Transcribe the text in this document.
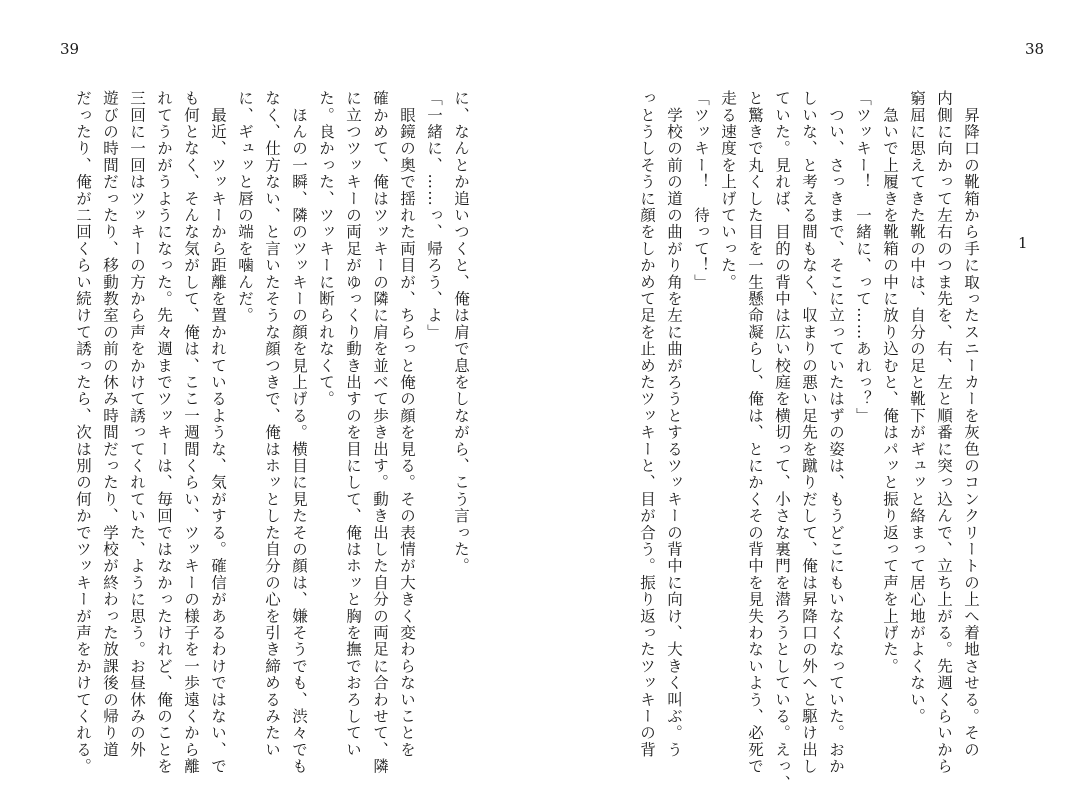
39	38
1
　昇降口の靴箱から手に取ったスニーカーを灰色のコンクリートの上へ着地させる。その
内側に向かって左右のつま先を、右、左と順番に突っ込んで、立ち上がる。先週くらいから
窮屈に思えてきた靴の中は、自分の足と靴下がギュッと絡まって居心地がよくない。
　急いで上履きを靴箱の中に放り込むと、俺はパッと振り返って声を上げた。
「ツッキー！　一緒に、って……あれっ？」
　つい、さっきまで、そこに立っていたはずの姿は、もうどこにもいなくなっていた。おか
しいな、と考える間もなく、収まりの悪い足先を蹴りだして、俺は昇降口の外へと駆け出し
ていた。見れば、目的の背中は広い校庭を横切って、小さな裏門を潜ろうとしている。えっ、
と驚きで丸くした目を一生懸命凝らし、俺は、とにかくその背中を見失わないよう、必死で
走る速度を上げていった。
「ツッキー！　待って！」
　学校の前の道の曲がり角を左に曲がろうとするツッキーの背中に向け、大きく叫ぶ。う
っとうしそうに顔をしかめて足を止めたツッキーと、目が合う。振り返ったツッキーの背
に、なんとか追いつくと、俺は肩で息をしながら、こう言った。
「一緒に、……っ、帰ろう、よ」
　眼鏡の奥で揺れた両目が、ちらっと俺の顔を見る。その表情が大きく変わらないことを
確かめて、俺はツッキーの隣に肩を並べて歩き出す。動き出した自分の両足に合わせて、隣
に立つツッキーの両足がゆっくり動き出すのを目にして、俺はホッと胸を撫でおろしてい
た。良かった、ツッキーに断られなくて。
　ほんの一瞬、隣のツッキーの顔を見上げる。横目に見たその顔は、嫌そうでも、渋々でも
なく、仕方ない、と言いたそうな顔つきで、俺はホッとした自分の心を引き締めるみたい
に、ギュッと唇の端を噛んだ。
　最近、ツッキーから距離を置かれているような、気がする。確信があるわけではない、で
も何となく、そんな気がして、俺は、ここ一週間くらい、ツッキーの様子を一歩遠くから離
れてうかがうようになった。先々週までツッキーは、毎回ではなかったけれど、俺のことを
三回に一回はツッキーの方から声をかけて誘ってくれていた、ように思う。お昼休みの外
遊びの時間だったり、移動教室の前の休み時間だったり、学校が終わった放課後の帰り道
だったり、俺が二回くらい続けて誘ったら、次は別の何かでツッキーが声をかけてくれる。
